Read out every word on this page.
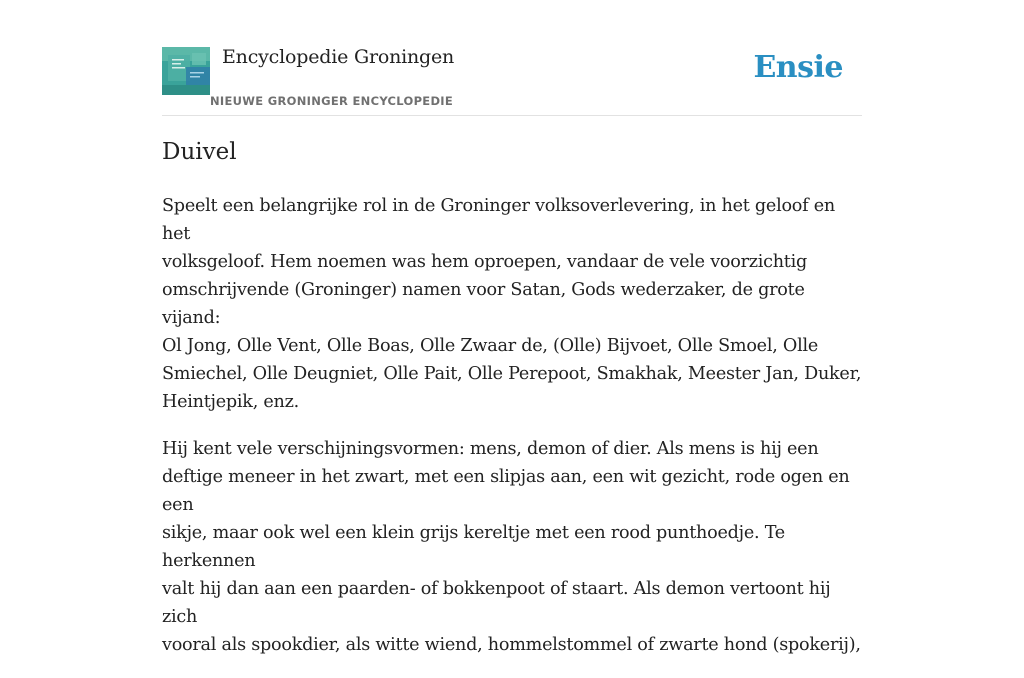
Encyclopedie Groningen
NIEUWE GRONINGER ENCYCLOPEDIE
Ensie
Duivel

Speelt een belangrijke rol in de Groninger volksoverlevering, in het geloof en het
volksgeloof. Hem noemen was hem oproepen, vandaar de vele voorzichtig
omschrijvende (Groninger) namen voor Satan, Gods wederzaker, de grote vijand:
Ol Jong, Olle Vent, Olle Boas, Olle Zwaar de, (Olle) Bijvoet, Olle Smoel, Olle
Smiechel, Olle Deugniet, Olle Pait, Olle Perepoot, Smakhak, Meester Jan, Duker,
Heintjepik, enz.

Hij kent vele verschijningsvormen: mens, demon of dier. Als mens is hij een
deftige meneer in het zwart, met een slipjas aan, een wit gezicht, rode ogen en een
sikje, maar ook wel een klein grijs kereltje met een rood punthoedje. Te herkennen
valt hij dan aan een paarden- of bokkenpoot of staart. Als demon vertoont hij zich
vooral als spookdier, als witte wiend, hommelstommel of zwarte hond (spokerij),
